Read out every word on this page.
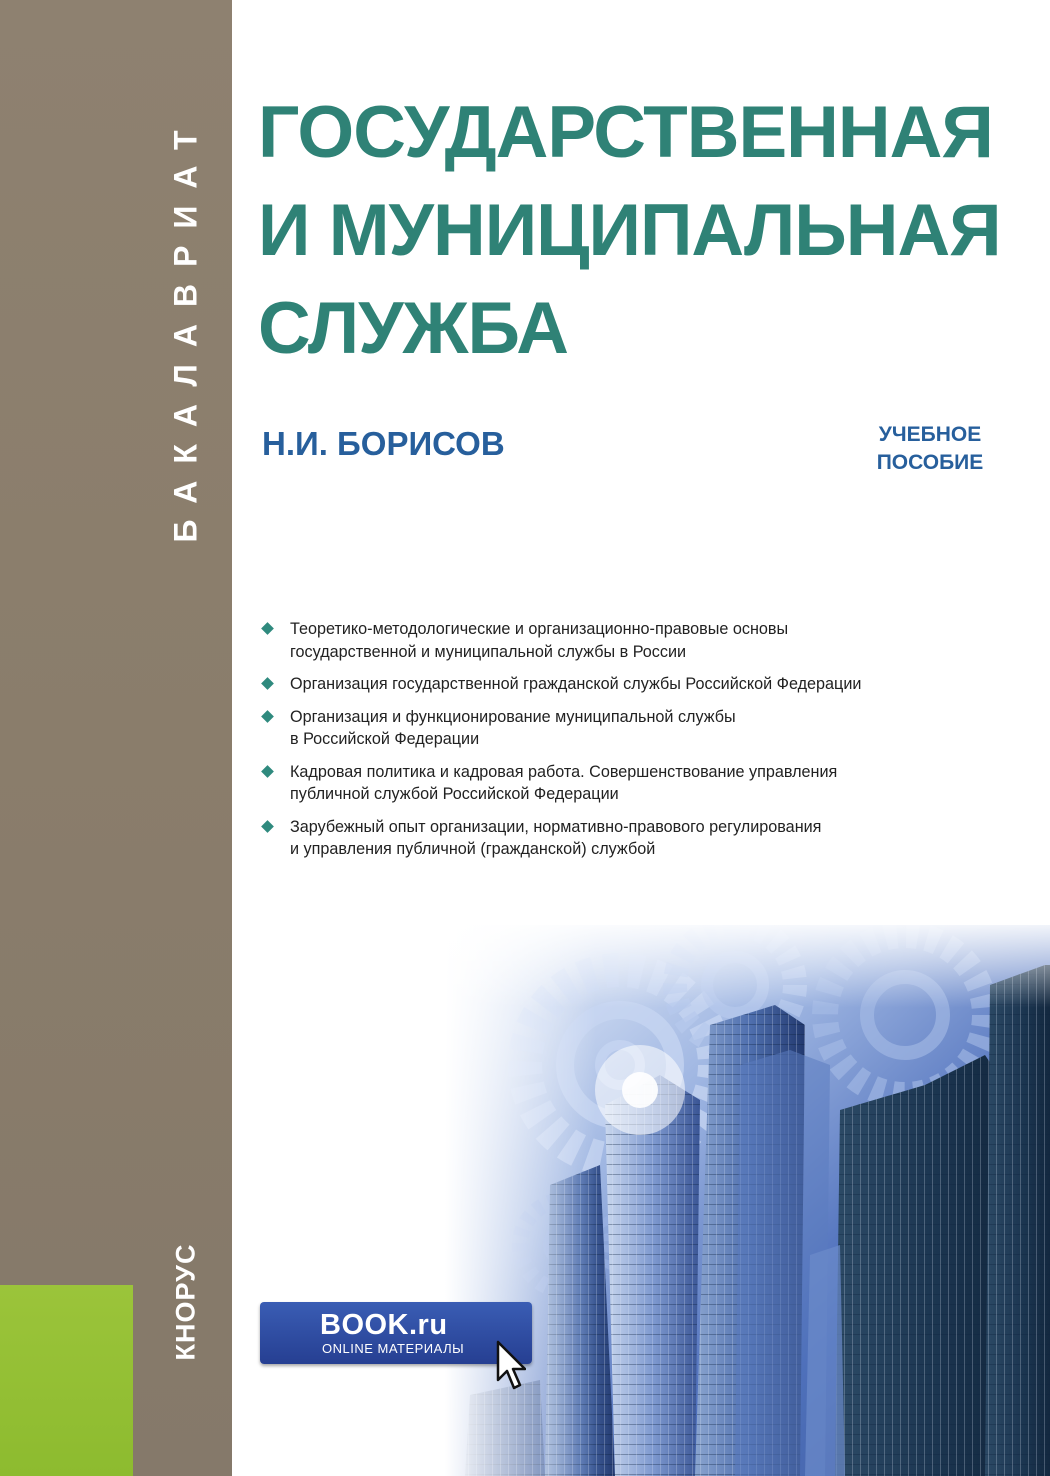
БАКАЛАВРИАТ
КНОРУС
ГОСУДАРСТВЕННАЯ
И МУНИЦИПАЛЬНАЯ
СЛУЖБА
Н.И. БОРИСОВ	УЧЕБНОЕ
ПОСОБИЕ
Теоретико-методологические и организационно-правовые основы
государственной и муниципальной службы в России
Организация государственной гражданской службы Российской Федерации
Организация и функционирование муниципальной службы
в Российской Федерации
Кадровая политика и кадровая работа. Совершенствование управления
публичной службой Российской Федерации
Зарубежный опыт организации, нормативно-правового регулирования
и управления публичной (гражданской) службой
BOOK.ru
ONLINE МАТЕРИАЛЫ
